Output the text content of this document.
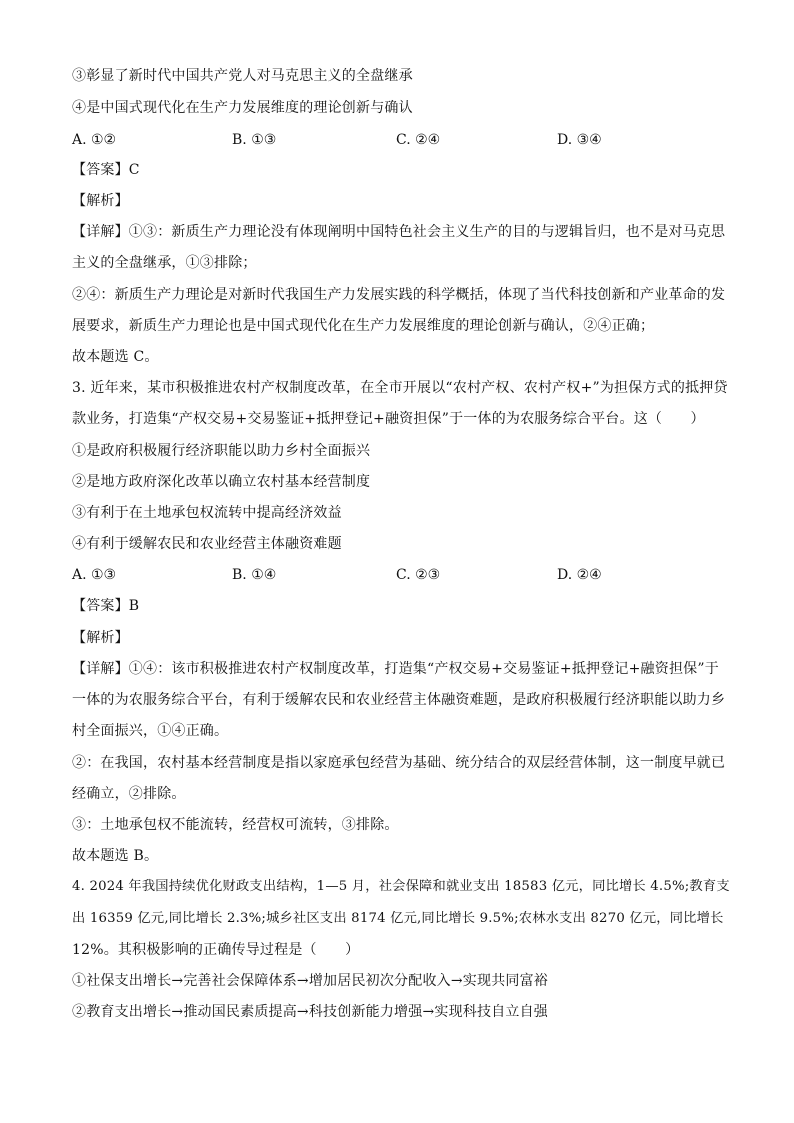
③彰显了新时代中国共产党人对马克思主义的全盘继承
④是中国式现代化在生产力发展维度的理论创新与确认
A. ①②	B. ①③	C. ②④	D. ③④
【答案】C
【解析】
【详解】①③：新质生产力理论没有体现阐明中国特色社会主义生产的目的与逻辑旨归，也不是对马克思
主义的全盘继承，①③排除；
②④：新质生产力理论是对新时代我国生产力发展实践的科学概括，体现了当代科技创新和产业革命的发
展要求，新质生产力理论也是中国式现代化在生产力发展维度的理论创新与确认，②④正确；
故本题选 C。
3. 近年来，某市积极推进农村产权制度改革，在全市开展以“农村产权、农村产权+”为担保方式的抵押贷
款业务，打造集“产权交易+交易鉴证+抵押登记+融资担保”于一体的为农服务综合平台。这（　　）
①是政府积极履行经济职能以助力乡村全面振兴
②是地方政府深化改革以确立农村基本经营制度
③有利于在土地承包权流转中提高经济效益
④有利于缓解农民和农业经营主体融资难题
A. ①③	B. ①④	C. ②③	D. ②④
【答案】B
【解析】
【详解】①④：该市积极推进农村产权制度改革，打造集“产权交易+交易鉴证+抵押登记+融资担保”于
一体的为农服务综合平台，有利于缓解农民和农业经营主体融资难题，是政府积极履行经济职能以助力乡
村全面振兴，①④正确。
②：在我国，农村基本经营制度是指以家庭承包经营为基础、统分结合的双层经营体制，这一制度早就已
经确立，②排除。
③：土地承包权不能流转，经营权可流转，③排除。
故本题选 B。
4. 2024 年我国持续优化财政支出结构，1—5 月，社会保障和就业支出 18583 亿元，同比增长 4.5%;教育支
出 16359 亿元,同比增长 2.3%;城乡社区支出 8174 亿元,同比增长 9.5%;农林水支出 8270 亿元，同比增长
12%。其积极影响的正确传导过程是（　　）
①社保支出增长→完善社会保障体系→增加居民初次分配收入→实现共同富裕
②教育支出增长→推动国民素质提高→科技创新能力增强→实现科技自立自强
